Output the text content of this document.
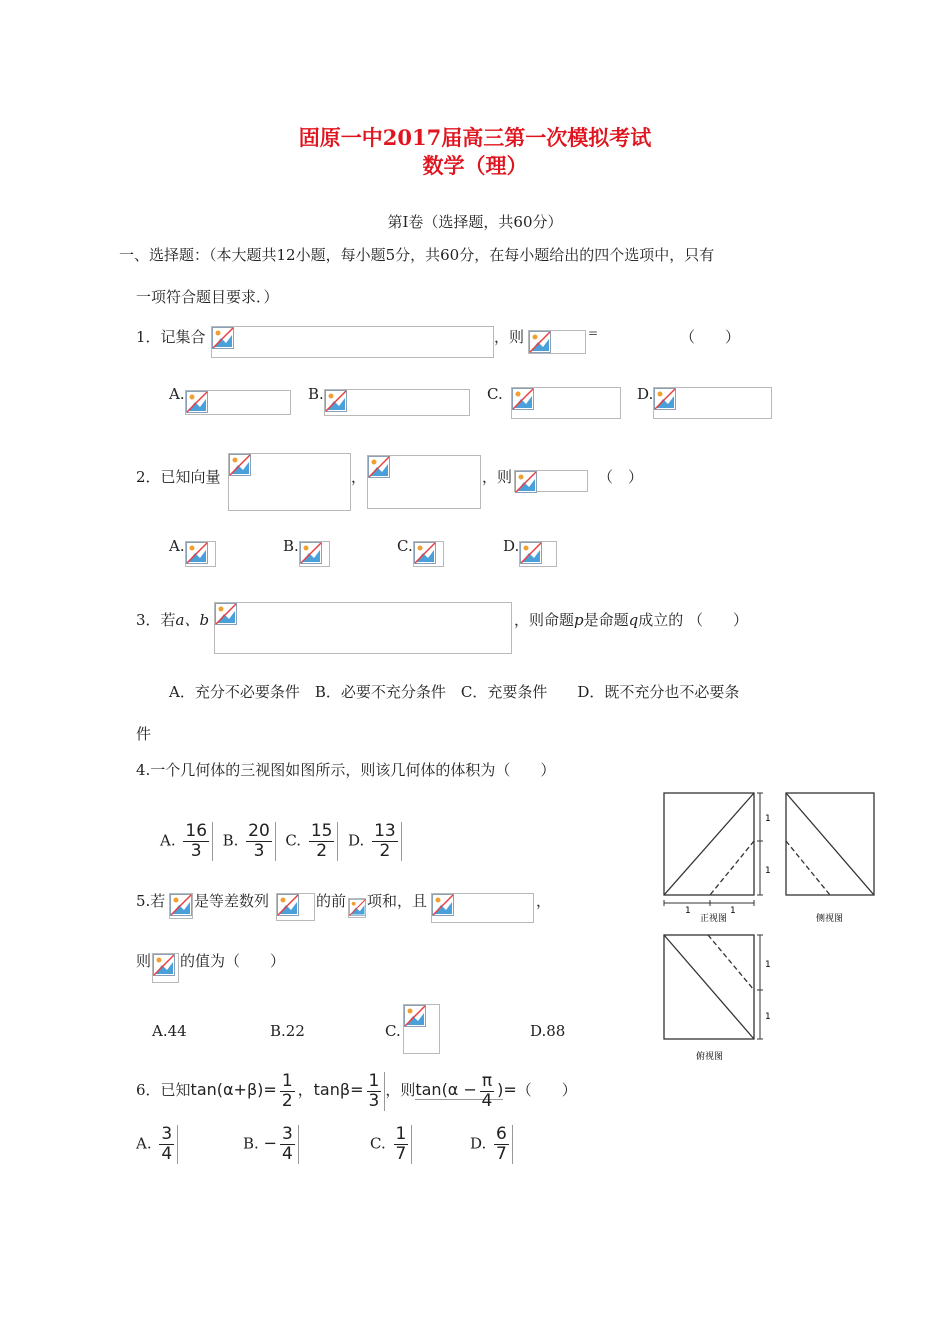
固原一中2017届高三第一次模拟考试
数学（理）
第Ⅰ卷（选择题，共60分）
一、选择题：（本大题共12小题，每小题5分，共60分，在每小题给出的四个选项中，只有
一项符合题目要求．）
1．记集合	，则	=	（　　）
A.	B.	C.	D.
2．已知向量	，	，则	（　）
A.	B.	C.	D.
3．若a、b	，则命题p是命题q成立的 （　　）
A．充分不必要条件　B．必要不充分条件　C．充要条件　　D．既不充分也不必要条
件
4.一个几何体的三视图如图所示，则该几何体的体积为（　　）
A. $\frac{16}{3} B$. $\frac{20}{3} C$. $\frac{15}{2} D$. $\frac{13}{2}$
1
1
1	1
1
1
正视图	侧视图
俯视图
5.若 是等差数列	的前 项和，且	，
则 的值为（　　）
A.44	B.22	C.	D.88
6．已知$\tan(\alpha+\beta)= \frac{1}{2}$ ，$\tan\beta= \frac{1}{3}$ ，则$\tan(\alpha - \frac{\pi}{4}$ )=（　　）
A. $\frac{3}{4}$	B. − $\frac{3}{4}$	C. $\frac{1}{7}$	D. $\frac{6}{7}$
